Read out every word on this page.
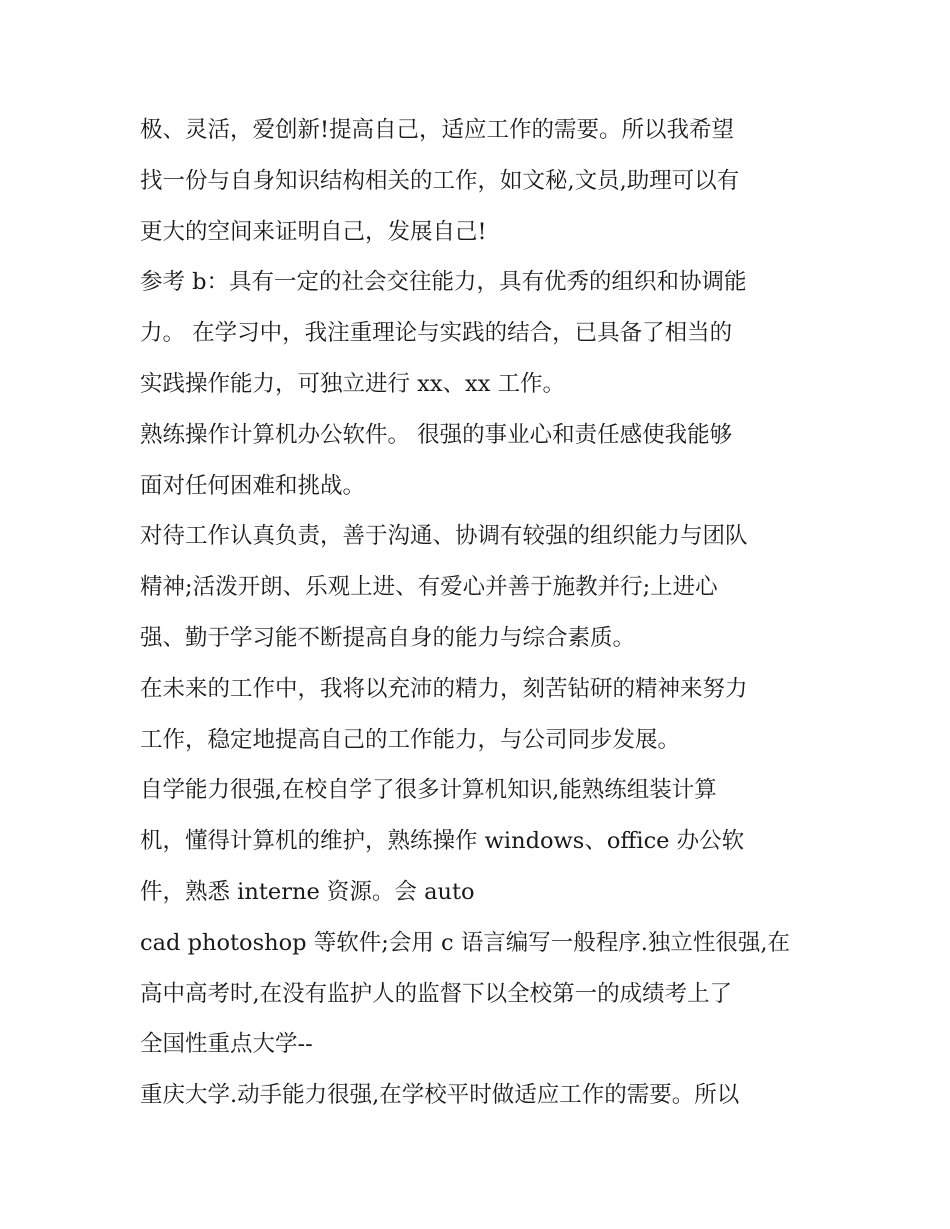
极、灵活，爱创新!提高自己，适应工作的需要。所以我希望
找一份与自身知识结构相关的工作，如文秘,文员,助理可以有
更大的空间来证明自己，发展自己!
参考 b：具有一定的社会交往能力，具有优秀的组织和协调能
力。 在学习中，我注重理论与实践的结合，已具备了相当的
实践操作能力，可独立进行 xx、xx 工作。
熟练操作计算机办公软件。 很强的事业心和责任感使我能够
面对任何困难和挑战。
对待工作认真负责，善于沟通、协调有较强的组织能力与团队
精神;活泼开朗、乐观上进、有爱心并善于施教并行;上进心
强、勤于学习能不断提高自身的能力与综合素质。
在未来的工作中，我将以充沛的精力，刻苦钻研的精神来努力
工作，稳定地提高自己的工作能力，与公司同步发展。
自学能力很强,在校自学了很多计算机知识,能熟练组装计算
机，懂得计算机的维护，熟练操作 windows、office 办公软
件，熟悉 interne 资源。会 auto
cad photoshop 等软件;会用 c 语言编写一般程序.独立性很强,在
高中高考时,在没有监护人的监督下以全校第一的成绩考上了
全国性重点大学--
重庆大学.动手能力很强,在学校平时做适应工作的需要。所以
